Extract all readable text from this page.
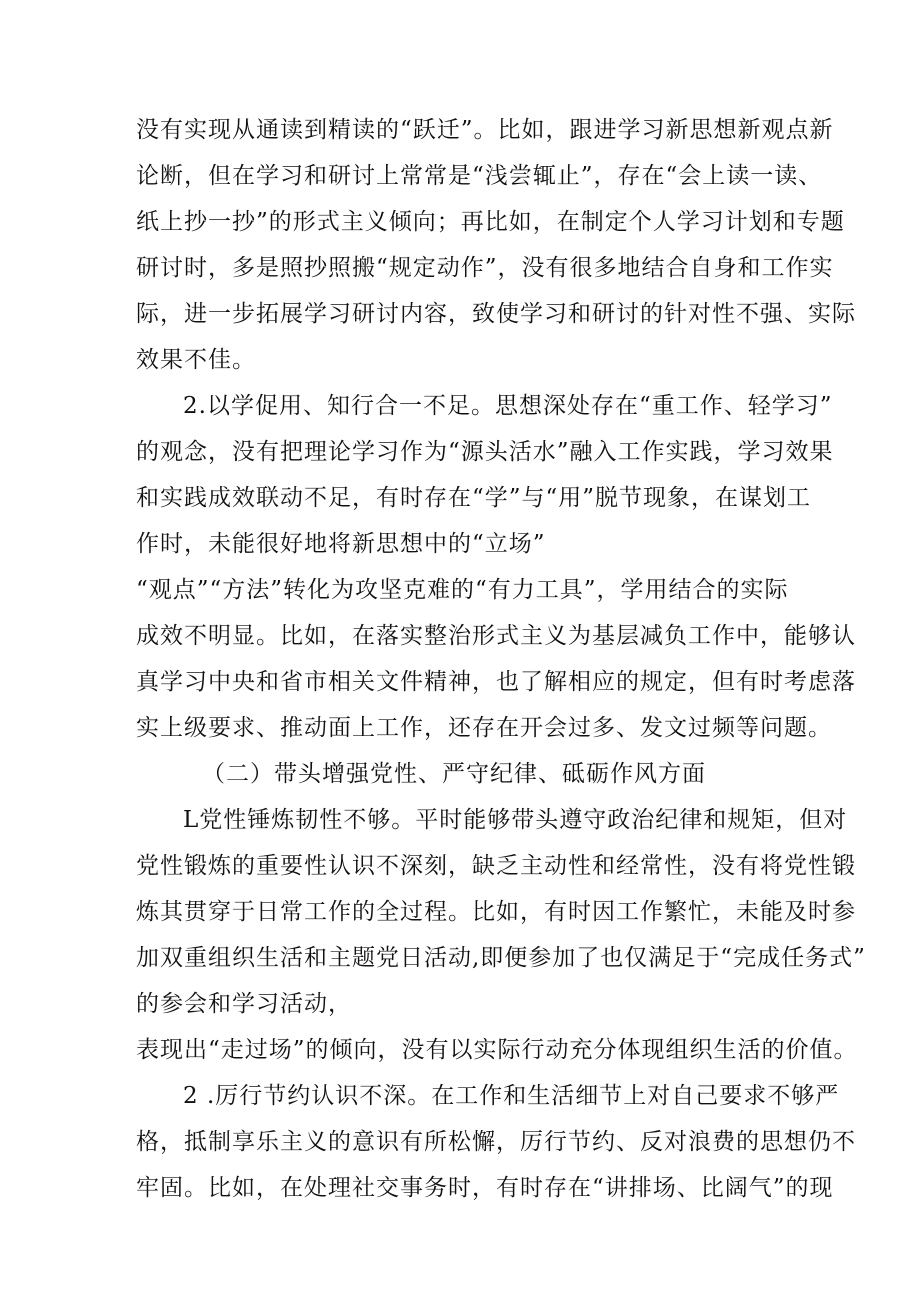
没有实现从通读到精读的“跃迁”。比如，跟进学习新思想新观点新
论断，但在学习和研讨上常常是“浅尝辄止”，存在“会上读一读、
纸上抄一抄”的形式主义倾向；再比如，在制定个人学习计划和专题
研讨时，多是照抄照搬“规定动作”，没有很多地结合自身和工作实
际，进一步拓展学习研讨内容，致使学习和研讨的针对性不强、实际
效果不佳。
2.以学促用、知行合一不足。思想深处存在“重工作、轻学习”
的观念，没有把理论学习作为“源头活水”融入工作实践，学习效果
和实践成效联动不足，有时存在“学”与“用”脱节现象，在谋划工
作时，未能很好地将新思想中的“立场”
“观点”“方法”转化为攻坚克难的“有力工具”，学用结合的实际
成效不明显。比如，在落实整治形式主义为基层减负工作中，能够认
真学习中央和省市相关文件精神，也了解相应的规定，但有时考虑落
实上级要求、推动面上工作，还存在开会过多、发文过频等问题。
（二）带头增强党性、严守纪律、砥砺作风方面
L党性锤炼韧性不够。平时能够带头遵守政治纪律和规矩，但对
党性锻炼的重要性认识不深刻，缺乏主动性和经常性，没有将党性锻
炼其贯穿于日常工作的全过程。比如，有时因工作繁忙，未能及时参
加双重组织生活和主题党日活动,即便参加了也仅满足于“完成任务式”
的参会和学习活动，
表现出“走过场”的倾向，没有以实际行动充分体现组织生活的价值。
2 .厉行节约认识不深。在工作和生活细节上对自己要求不够严
格，抵制享乐主义的意识有所松懈，厉行节约、反对浪费的思想仍不
牢固。比如，在处理社交事务时，有时存在“讲排场、比阔气”的现
